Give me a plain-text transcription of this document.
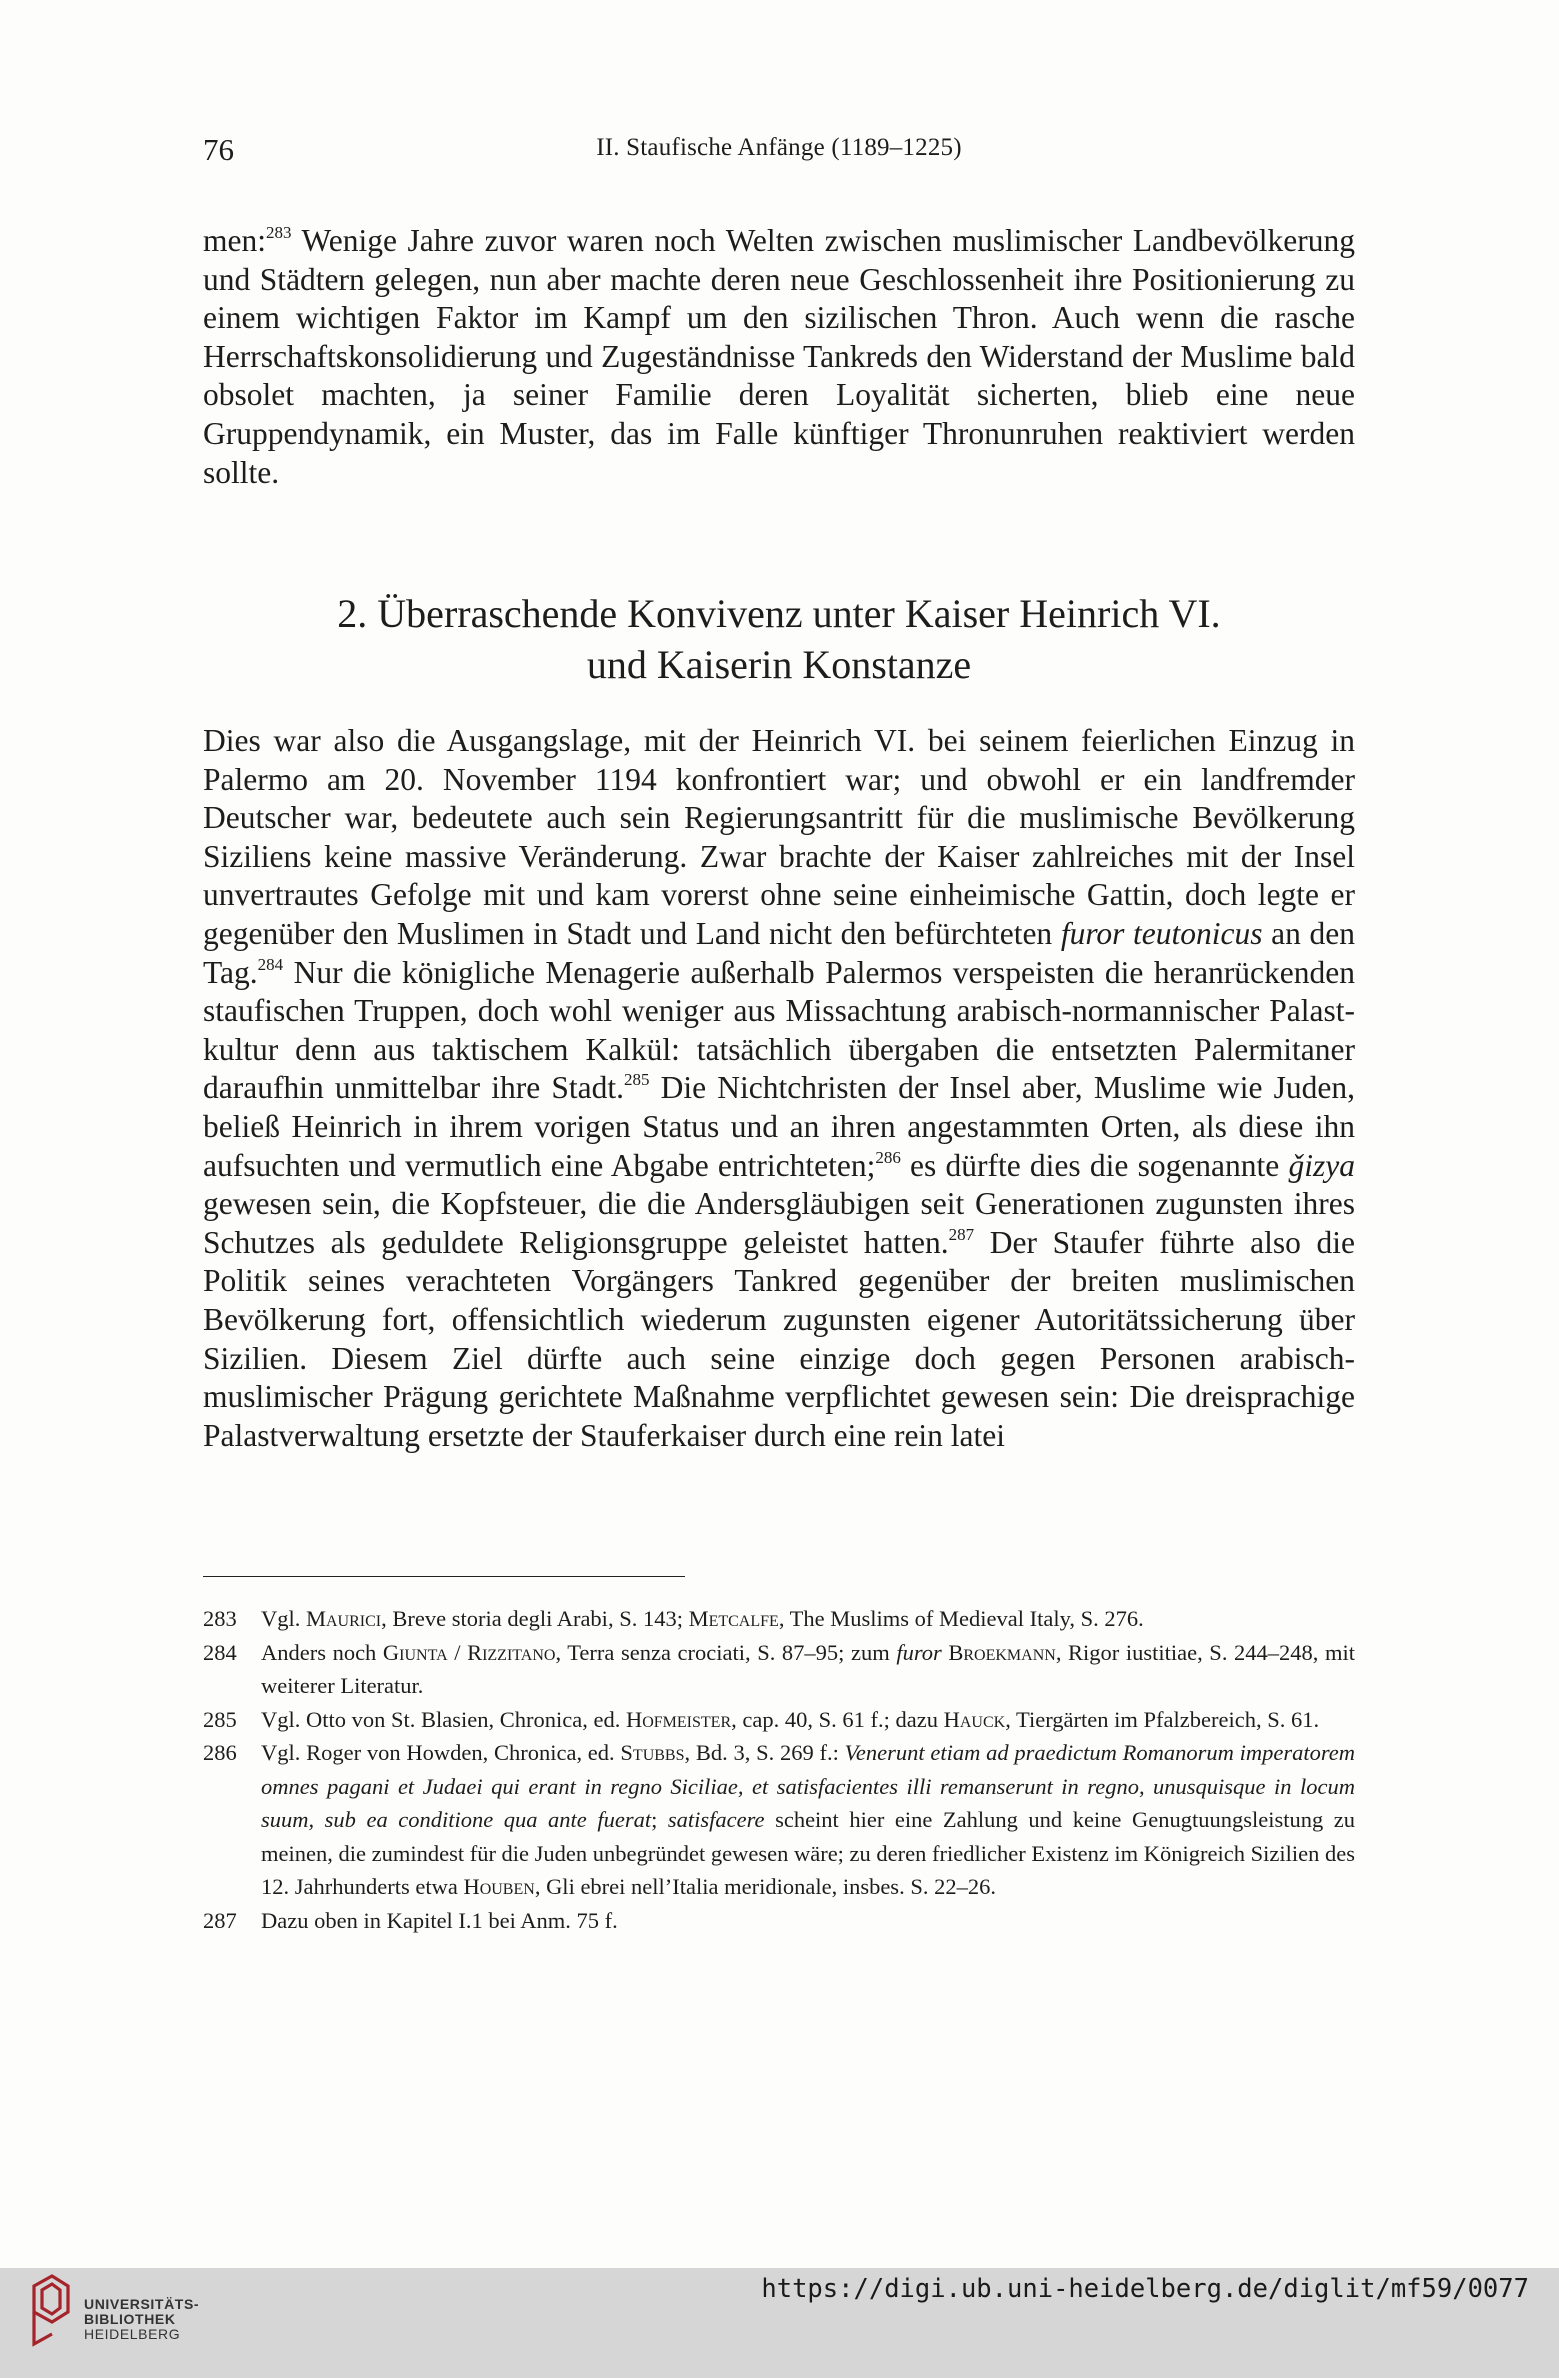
76	II. Staufische Anfänge (1189–1225)

men:$^{283}$ Wenige Jahre zuvor waren noch Welten zwischen muslimischer Landbevölkerung und Städtern gelegen, nun aber machte deren neue Geschlossenheit ihre Positionierung zu einem wichtigen Faktor im Kampf um den sizilischen Thron. Auch wenn die rasche Herrschaftskonsolidierung und Zugeständnisse Tankreds den Widerstand der Muslime bald obsolet machten, ja seiner Familie deren Loyalität sicherten, blieb eine neue Gruppendynamik, ein Muster, das im Falle künftiger Thronunruhen reaktiviert werden sollte.

2. Überraschende Konvivenz unter Kaiser Heinrich VI.
und Kaiserin Konstanze

Dies war also die Ausgangslage, mit der Heinrich VI. bei seinem feierlichen Einzug in Palermo am 20. November 1194 konfrontiert war; und obwohl er ein landfremder Deutscher war, bedeutete auch sein Regierungsantritt für die muslimische Bevölkerung Siziliens keine massive Veränderung. Zwar brachte der Kaiser zahlreiches mit der Insel unvertrautes Gefolge mit und kam vorerst ohne seine einheimische Gattin, doch legte er gegenüber den Muslimen in Stadt und Land nicht den befürchteten furor teutonicus an den Tag.$^{284}$ Nur die königliche Menagerie außerhalb Palermos verspeisten die heranrückenden staufischen Truppen, doch wohl weniger aus Missachtung arabisch-normannischer Palastkultur denn aus taktischem Kalkül: tatsächlich übergaben die entsetzten Palermitaner daraufhin unmittelbar ihre Stadt.$^{285}$ Die Nichtchristen der Insel aber, Muslime wie Juden, beließ Heinrich in ihrem vorigen Status und an ihren angestammten Orten, als diese ihn aufsuchten und vermutlich eine Abgabe entrichteten;$^{286}$ es dürfte dies die sogenannte ǧizya gewesen sein, die Kopfsteuer, die die Andersgläubigen seit Generationen zugunsten ihres Schutzes als geduldete Religionsgruppe geleistet hatten.$^{287}$ Der Staufer führte also die Politik seines verachteten Vorgängers Tankred gegenüber der breiten muslimischen Bevölkerung fort, offensichtlich wiederum zugunsten eigener Autoritätssicherung über Sizilien. Diesem Ziel dürfte auch seine einzige doch gegen Personen arabisch-muslimischer Prägung gerichtete Maßnahme verpflichtet gewesen sein: Die dreisprachige Palastverwaltung ersetzte der Stauferkaiser durch eine rein latei

283	Vgl. Maurici, Breve storia degli Arabi, S. 143; Metcalfe, The Muslims of Medieval Italy, S. 276.
284	Anders noch Giunta / Rizzitano, Terra senza crociati, S. 87–95; zum furor Broekmann, Rigor iustitiae, S. 244–248, mit weiterer Literatur.
285	Vgl. Otto von St. Blasien, Chronica, ed. Hofmeister, cap. 40, S. 61 f.; dazu Hauck, Tiergärten im Pfalzbereich, S. 61.
286	Vgl. Roger von Howden, Chronica, ed. Stubbs, Bd. 3, S. 269 f.: Venerunt etiam ad praedictum Romanorum imperatorem omnes pagani et Judaei qui erant in regno Siciliae, et satisfacientes illi remanserunt in regno, unusquisque in locum suum, sub ea conditione qua ante fuerat; satisfacere scheint hier eine Zahlung und keine Genugtuungsleistung zu meinen, die zumindest für die Juden unbegründet gewesen wäre; zu deren friedlicher Existenz im Königreich Sizilien des 12. Jahrhunderts etwa Houben, Gli ebrei nell’Italia meridionale, insbes. S. 22–26.
287	Dazu oben in Kapitel I.1 bei Anm. 75 f.
UNIVERSITÄTS-
BIBLIOTHEK
HEIDELBERG
https://digi.ub.uni-heidelberg.de/diglit/mf59/0077
